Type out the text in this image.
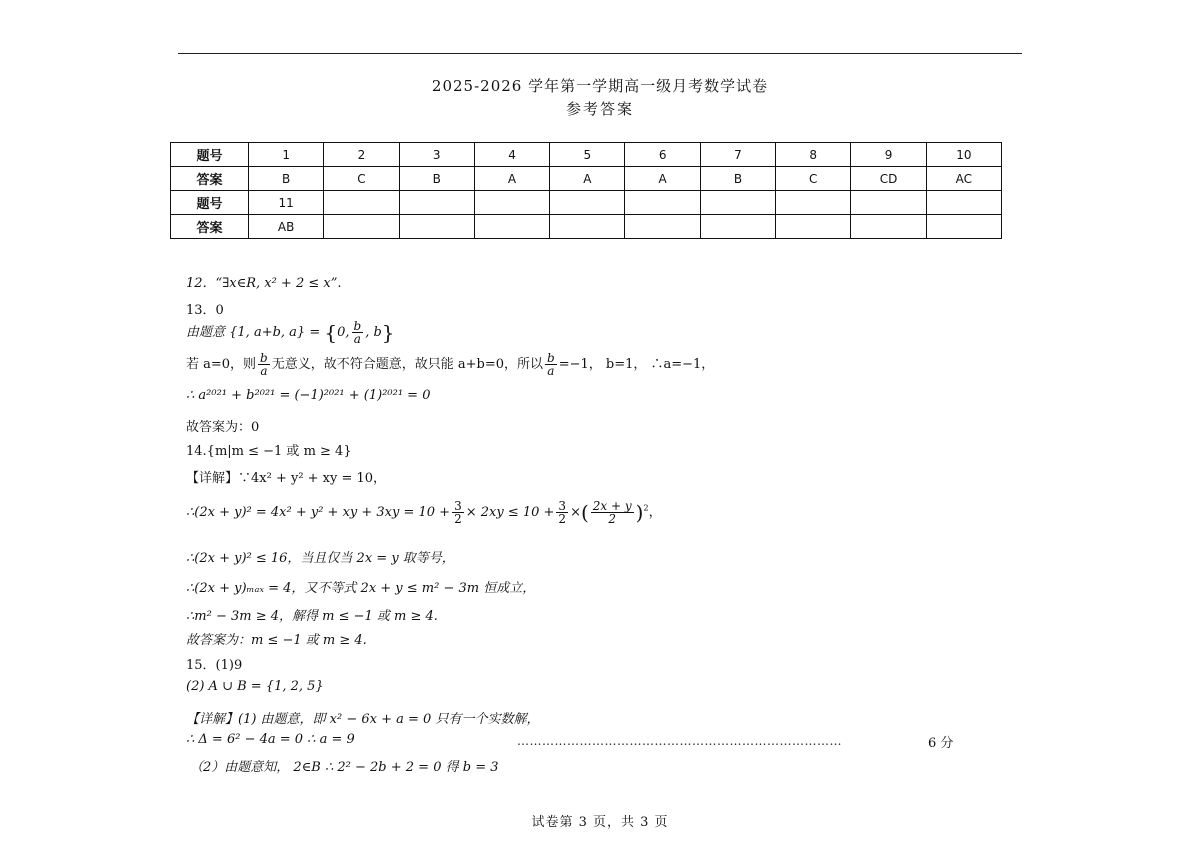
2025-2026 学年第一学期高一级月考数学试卷
参考答案
题号	1	2	3	4	5	6	7	8	9	10
答案	B	C	B	A	A	A	B	C	CD	AC
题号	11									
答案	AB									
12．“∃x∈R, x² + 2 ≤ x”.
13．0
由题意 {1, a+b, a} = {0, $\frac{b}{a}$ , b}
若 a=0，则 $\frac{b}{a}$ 无意义，故不符合题意，故只能 a+b=0，所以 $\frac{b}{a} =-1$， b=1， ∴a=−1，
∴ a²⁰²¹ + b²⁰²¹ = (−1)²⁰²¹ + (1)²⁰²¹ = 0
故答案为：0
14.{m|m ≤ −1 或 m ≥ 4}
【详解】∵4x² + y² + xy = 10，
∴(2x + y)² = 4x² + y² + xy + $3xy = 10 + \frac{3}{2} \times 2xy \le 10 + \frac{3}{2}$ ×( $\frac{2x + y}{2} )^2$，
∴(2x + y)² ≤ 16，当且仅当 2x = y 取等号，
∴(2x + y)ₘₐₓ = 4，又不等式 2x + y ≤ m² − 3m 恒成立，
∴m² − 3m ≥ 4，解得 m ≤ −1 或 m ≥ 4.
故答案为：m ≤ −1 或 m ≥ 4.
15．(1)9
(2) A ∪ B = {1, 2, 5}
【详解】(1) 由题意，即 x² − 6x + a = 0 只有一个实数解，
∴ Δ = 6² − 4a = 0 ∴ a = 9	……………………………………………………………………	6 分
（2）由题意知， 2∈B ∴ 2² − 2b + 2 = 0 得 b = 3
试卷第 3 页，共 3 页
